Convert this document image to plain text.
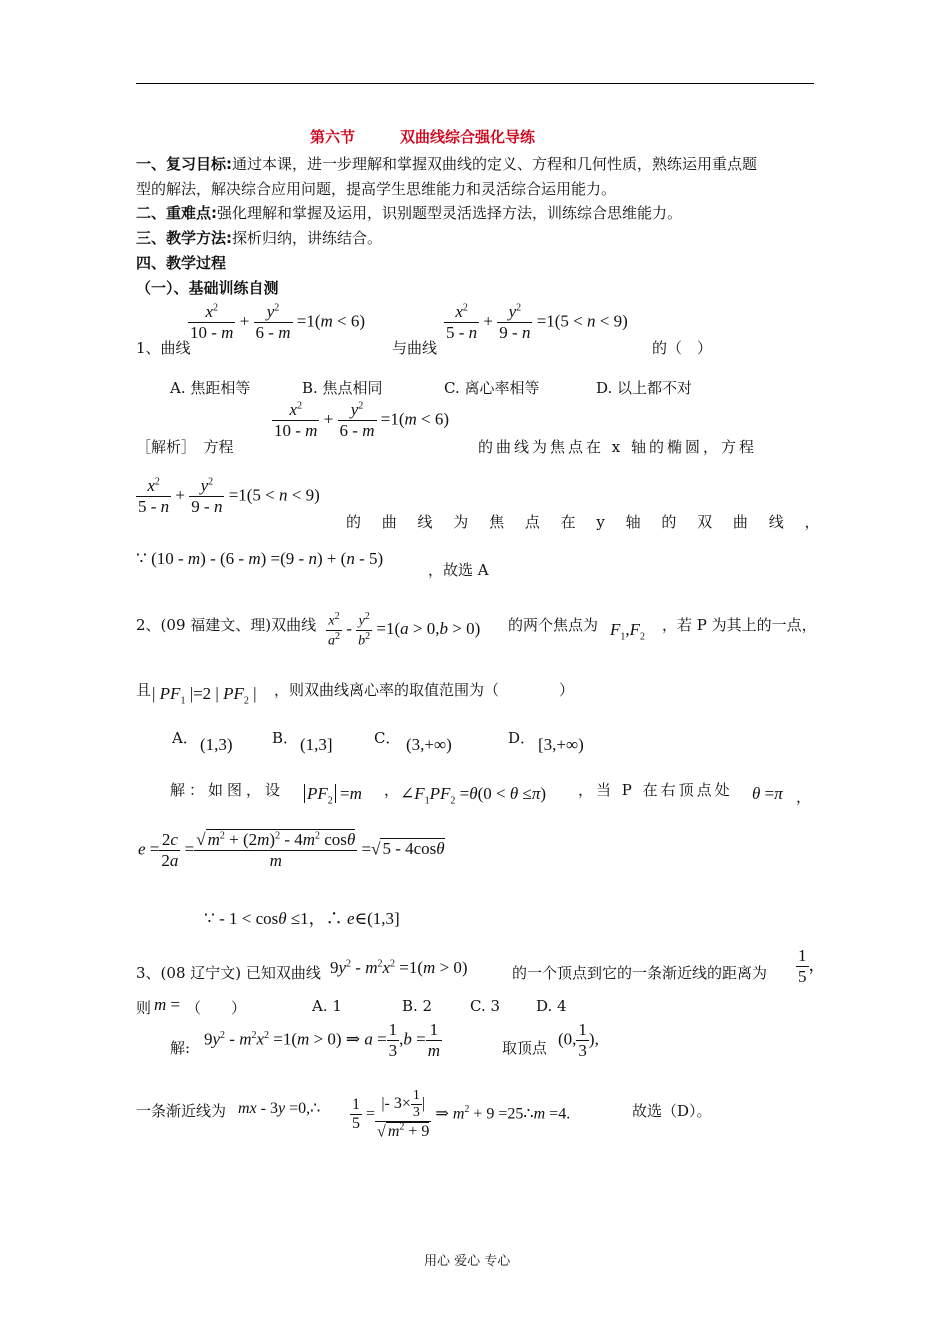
第六节	双曲线综合强化导练
一、复习目标:通过本课，进一步理解和掌握双曲线的定义、方程和几何性质，熟练运用重点题
型的解法，解决综合应用问题，提高学生思维能力和灵活综合运用能力。
二、重难点:强化理解和掌握及运用，识别题型灵活选择方法，训练综合思维能力。
三、教学方法:探析归纳，讲练结合。
四、教学过程
（一）、基础训练自测
1、曲线
$\frac{x^2}{10 - m} + \frac{y^2}{6 - m} =1(m < 6)$
与曲线
$\frac{x^2}{5 - n} + \frac{y^2}{9 - n} =1(5 < n < 9)$
的（　）
A. 焦距相等	B. 焦点相同	C. 离心率相等	D. 以上都不对
［解析］　方程
$\frac{x^2}{10 - m} + \frac{y^2}{6 - m} =1(m < 6)$
的曲线为焦点在 x 轴的椭圆，方程
$\frac{x^2}{5 - n} + \frac{y^2}{9 - n} =1(5 < n < 9)$
的 曲 线 为 焦 点 在 y 轴 的 双 曲 线 ，
∵ (10 - m) - (6 - m) =(9 - n) + (n - 5)
，故选 A
2、(09 福建文、理)双曲线 $\frac{x^2}{a^2} - \frac{y^2}{b^2} =1(a > 0,b > 0)$ 的两个焦点为 $F_1,F_2$
，若 P 为其上的一点，
且 | $PF_1$ |=2 | $PF_2$ | ，则双曲线离心率的取值范围为（　　　　）
A． (1,3)	B． (1,3]	C． (3,+∞)	D． [3,+∞)
解：如图，设 $PF_2 =m$ ， $\angle F_1PF_2 =\theta(0 < \theta \le\pi)$ ，当 P 在右顶点处 θ =π ，
$e = \frac{2c}{2a} = \frac{√ m^2 + (2m)^2 - 4m^2 \cos\theta}{m}$ =√ 5 - 4cosθ
∵ - 1 < cosθ ≤1，∴ e∈(1,3]
3、(08 辽宁文) 已知双曲线 $9y^2 - m^2x^2 =1(m > 0)$	的一个顶点到它的一条渐近线的距离为 $\frac{1}{5}$ ，
则 m = （　　）	A. 1	B. 2	C. 3 D. 4
解: $9y^2 - m^2x^2 =1(m > 0)$ ⇒ $a = \frac{1}{3} ,b = \frac{1}{m}$	取顶点 (0, $\frac{1}{3}$ ),
一条渐近线为 mx - 3y =0,∴ $\frac{1}{5} = \frac{|- 3\times \frac{1}{3} |}{√ m^2 + 9}$ ⇒ $m^2 + 9$ =25∴m =4.	故选（D）。
用心 爱心 专心
